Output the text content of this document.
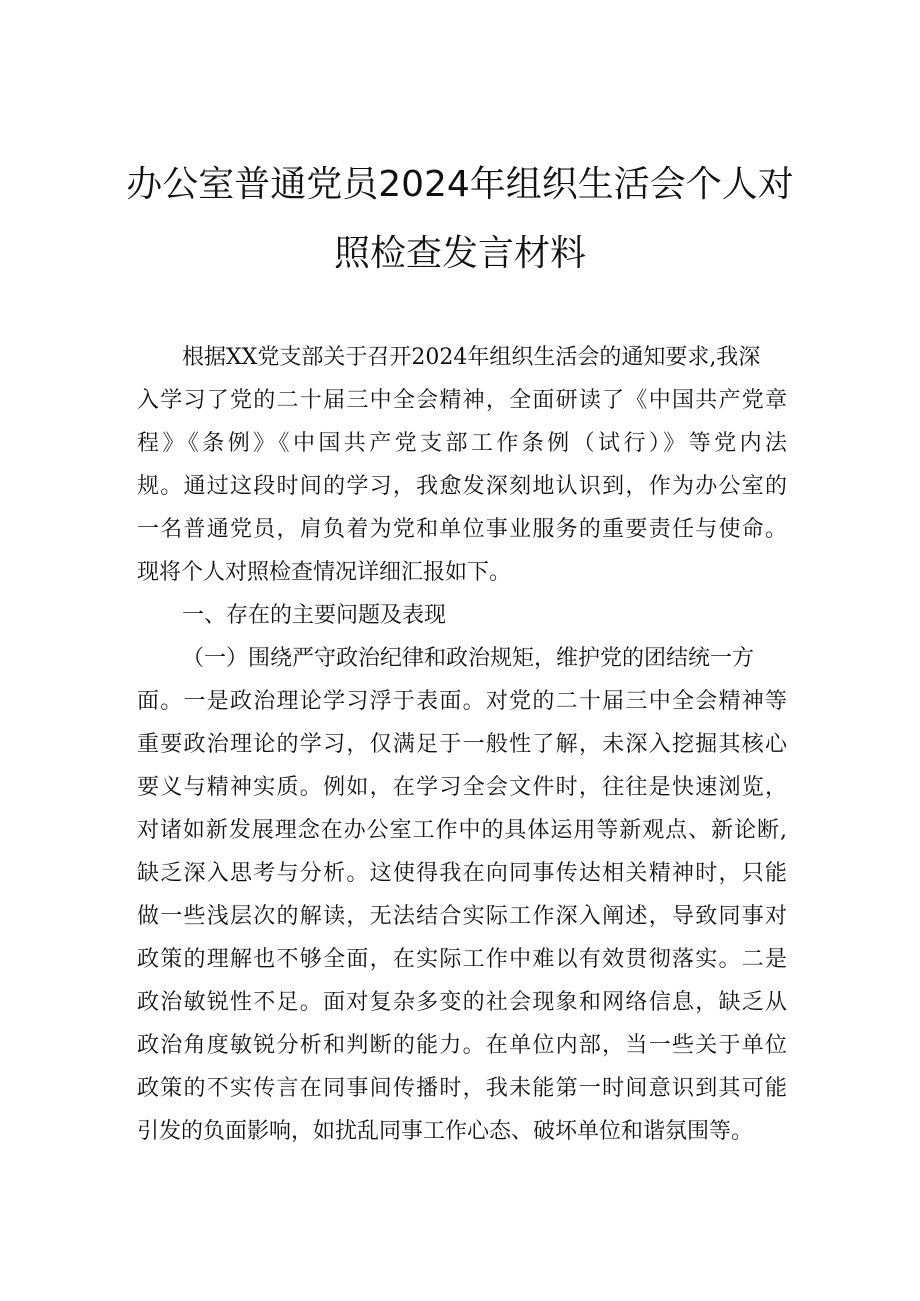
办公室普通党员2024年组织生活会个人对
照检查发言材料
根据XX党支部关于召开2024年组织生活会的通知要求,我深
入学习了党的二十届三中全会精神，全面研读了《中国共产党章
程》《条例》《中国共产党支部工作条例（试行）》等党内法
规。通过这段时间的学习，我愈发深刻地认识到，作为办公室的
一名普通党员，肩负着为党和单位事业服务的重要责任与使命。
现将个人对照检查情况详细汇报如下。
一、存在的主要问题及表现
（一）围绕严守政治纪律和政治规矩，维护党的团结统一方
面。一是政治理论学习浮于表面。对党的二十届三中全会精神等
重要政治理论的学习，仅满足于一般性了解，未深入挖掘其核心
要义与精神实质。例如，在学习全会文件时，往往是快速浏览，
对诸如新发展理念在办公室工作中的具体运用等新观点、新论断,
缺乏深入思考与分析。这使得我在向同事传达相关精神时，只能
做一些浅层次的解读，无法结合实际工作深入阐述，导致同事对
政策的理解也不够全面，在实际工作中难以有效贯彻落实。二是
政治敏锐性不足。面对复杂多变的社会现象和网络信息，缺乏从
政治角度敏锐分析和判断的能力。在单位内部，当一些关于单位
政策的不实传言在同事间传播时，我未能第一时间意识到其可能
引发的负面影响，如扰乱同事工作心态、破坏单位和谐氛围等。
